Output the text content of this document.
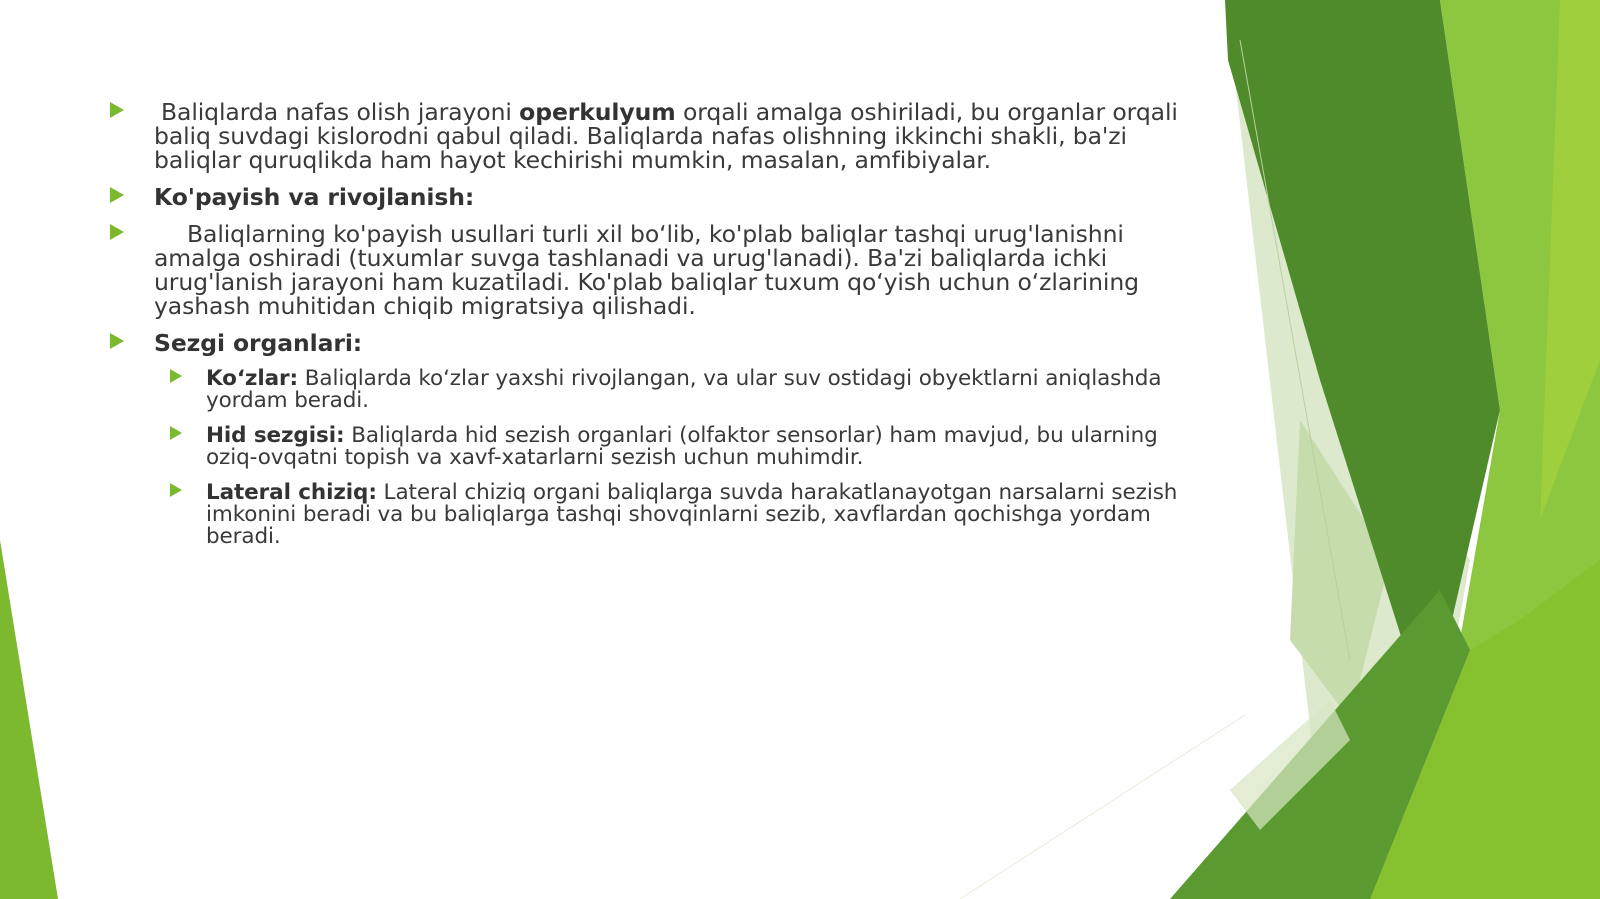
Baliqlarda nafas olish jarayoni operkulyum orqali amalga oshiriladi, bu organlar orqali baliq suvdagi kislorodni qabul qiladi. Baliqlarda nafas olishning ikkinchi shakli, ba'zi baliqlar quruqlikda ham hayot kechirishi mumkin, masalan, amfibiyalar.
Ko'payish va rivojlanish:
Baliqlarning ko'payish usullari turli xil bo‘lib, ko'plab baliqlar tashqi urug'lanishni amalga oshiradi (tuxumlar suvga tashlanadi va urug'lanadi). Ba'zi baliqlarda ichki urug'lanish jarayoni ham kuzatiladi. Ko'plab baliqlar tuxum qo‘yish uchun o‘zlarining yashash muhitidan chiqib migratsiya qilishadi.
Sezgi organlari:
Ko‘zlar: Baliqlarda ko‘zlar yaxshi rivojlangan, va ular suv ostidagi obyektlarni aniqlashda yordam beradi.
Hid sezgisi: Baliqlarda hid sezish organlari (olfaktor sensorlar) ham mavjud, bu ularning oziq-ovqatni topish va xavf-xatarlarni sezish uchun muhimdir.
Lateral chiziq: Lateral chiziq organi baliqlarga suvda harakatlanayotgan narsalarni sezish imkonini beradi va bu baliqlarga tashqi shovqinlarni sezib, xavflardan qochishga yordam beradi.
